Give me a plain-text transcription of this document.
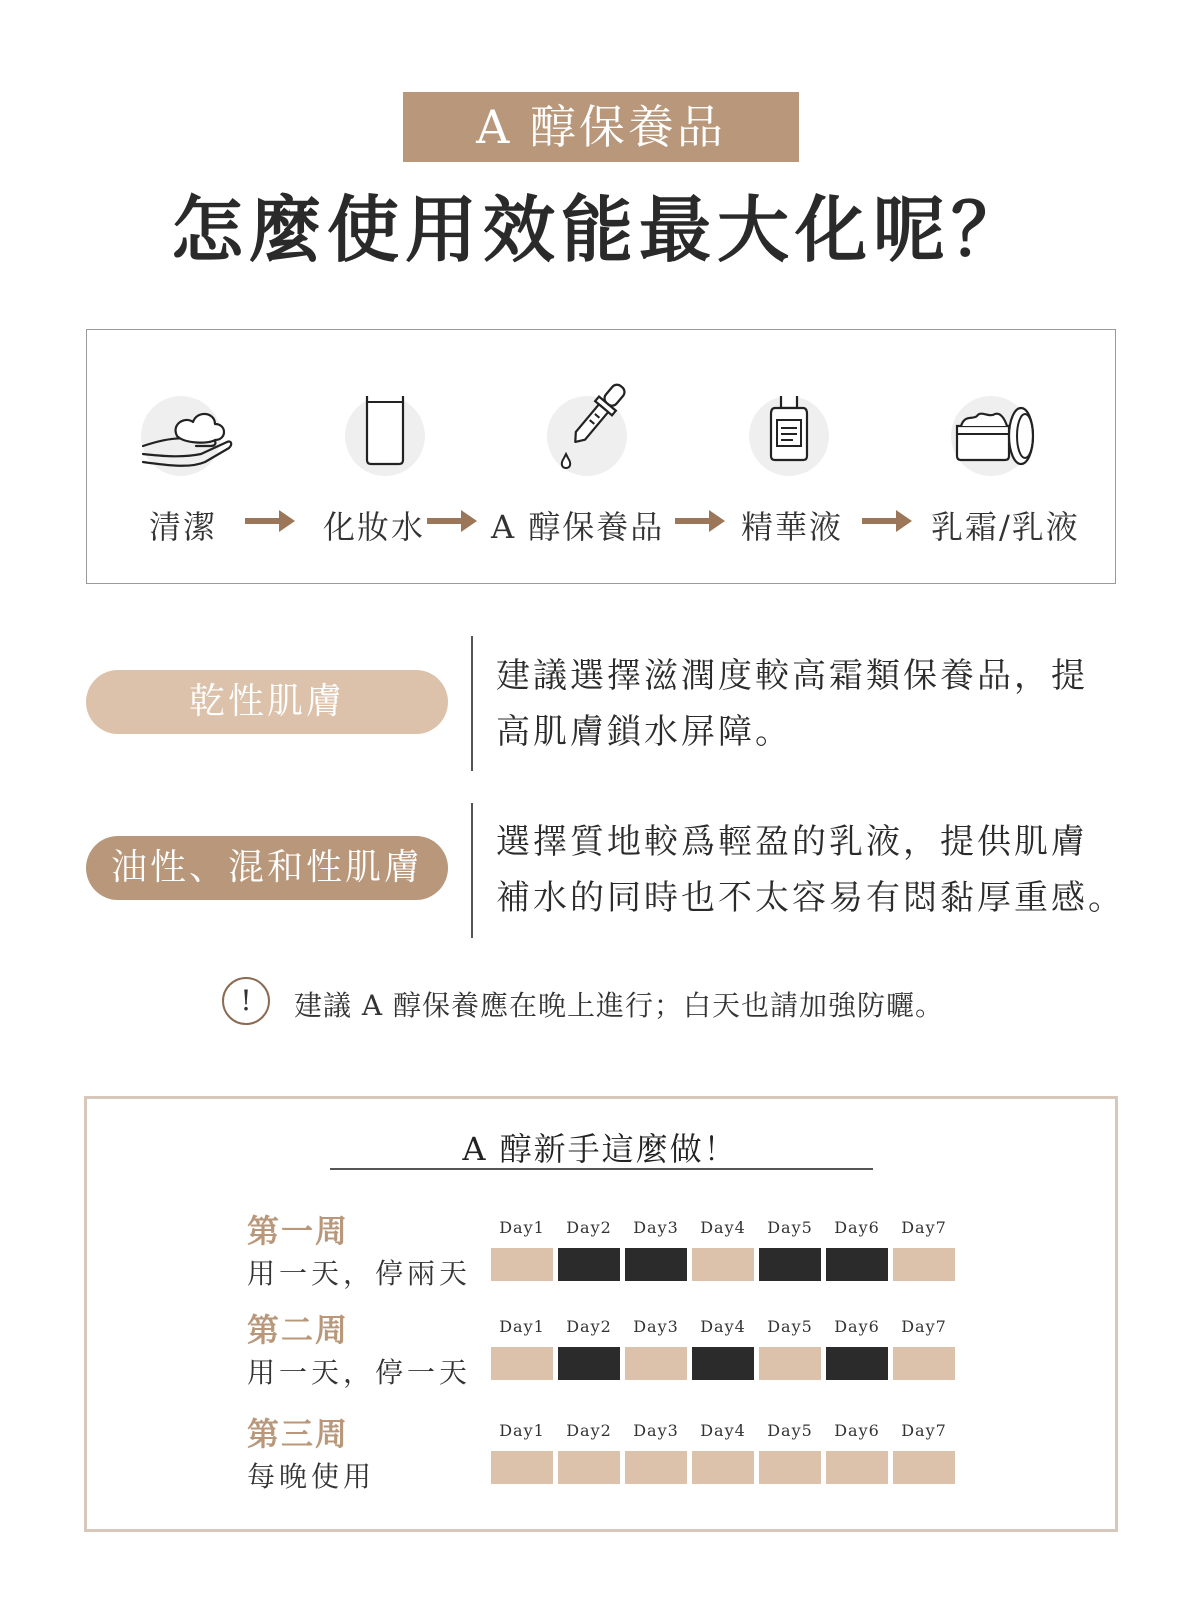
A 醇保養品
怎麼使用效能最大化呢？
清潔	化妝水 A 醇保養品 精華液	乳霜/乳液
乾性肌膚
建議選擇滋潤度較高霜類保養品，提
高肌膚鎖水屏障。
油性、混和性肌膚
選擇質地較爲輕盈的乳液，提供肌膚
補水的同時也不太容易有悶黏厚重感。
!	建議 A 醇保養應在晚上進行；白天也請加強防曬。
A 醇新手這麼做！
第一周
用一天，停兩天
Day1	Day2	Day3	Day4	Day5	Day6	Day7
第二周
用一天，停一天
Day1	Day2	Day3	Day4	Day5	Day6	Day7
第三周
每晚使用
Day1	Day2	Day3	Day4	Day5	Day6	Day7
